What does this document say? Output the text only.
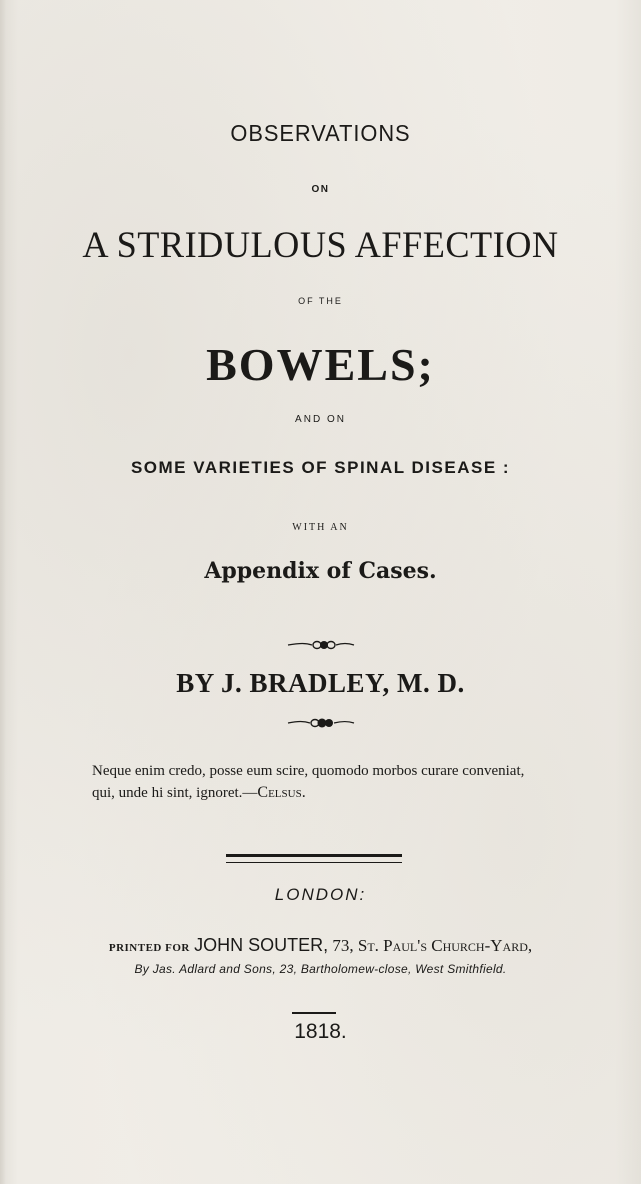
OBSERVATIONS
ON
A STRIDULOUS AFFECTION
OF THE
BOWELS;
AND ON
SOME VARIETIES OF SPINAL DISEASE :
WITH AN
Appendix of Cases.
BY J. BRADLEY, M. D.
Neque enim credo, posse eum scire, quomodo morbos curare conveniat,
qui, unde hi sint, ignoret.—Celsus.
LONDON:
PRINTED FOR JOHN SOUTER, 73, St. Paul's Church-Yard,
By Jas. Adlard and Sons, 23, Bartholomew-close, West Smithfield.
1818.
